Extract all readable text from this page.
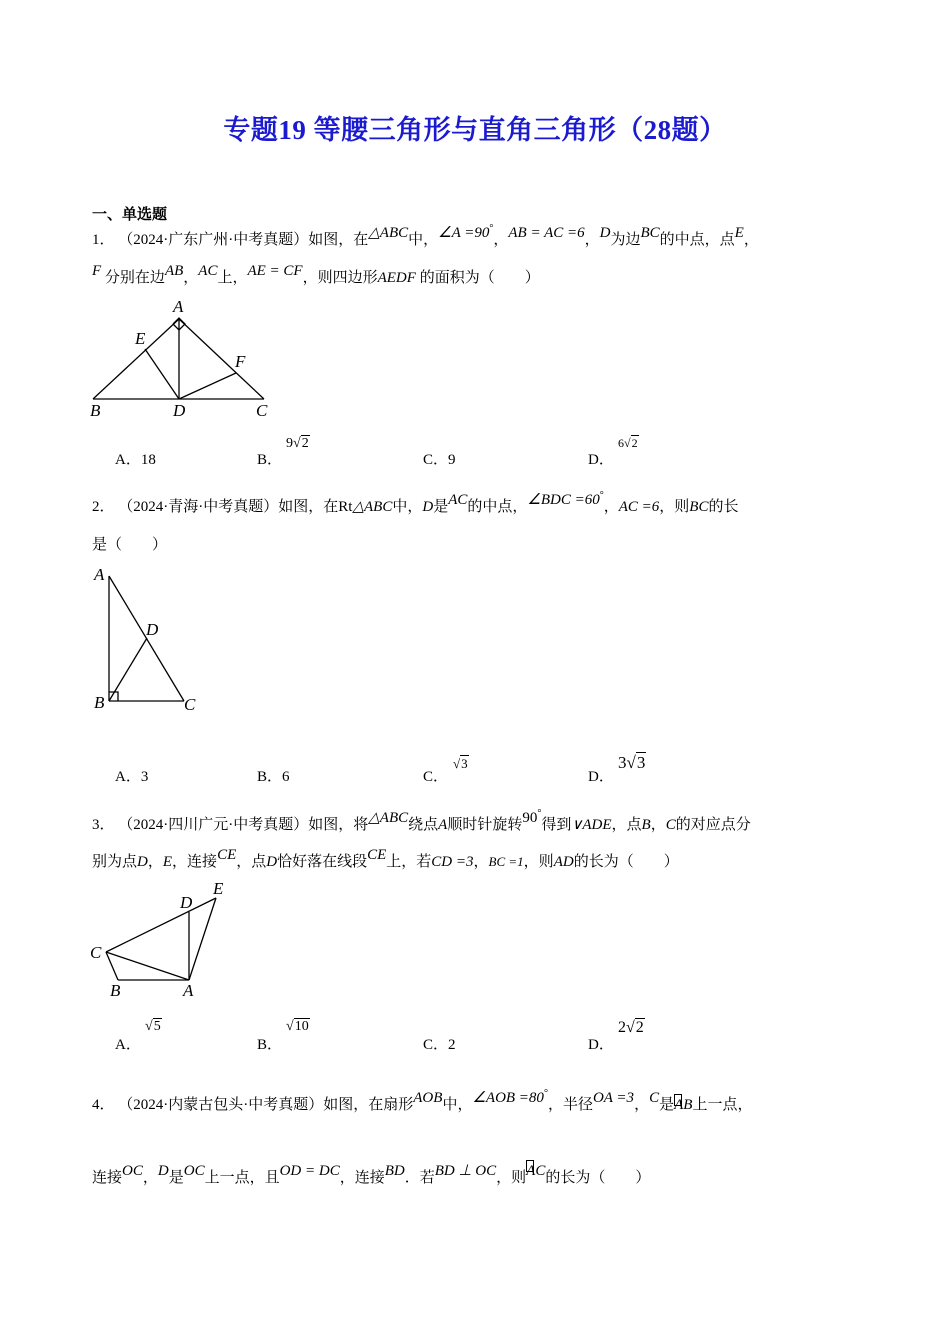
专题19 等腰三角形与直角三角形（28题）
一、单选题
1． （2024·广东广州·中考真题）如图，在△ABC中，∠A =90°，AB = AC =6，D为边BC的中点，点E，
F 分别在边AB，AC上，AE = CF，则四边形AEDF 的面积为（　　）
A
E
F
B	D	C
A．18	B．
9√2
C．9	D．
6√2
2． （2024·青海·中考真题）如图，在Rt△ABC中，D是AC的中点，∠BDC =60°，AC =6，则BC的长
是（　　）
A
D
B	C
A．3	B．6	C．
√3
D．
3√3
3． （2024·四川广元·中考真题）如图，将△ABC绕点A顺时针旋转90°得到∨ADE，点B，C的对应点分
别为点D，E，连接CE，点D恰好落在线段CE上，若CD =3，BC =1，则AD的长为（　　）
E
D
C
B	A
A．
√5
B．
√10
C．2	D．
2√2
4． （2024·内蒙古包头·中考真题）如图，在扇形AOB中，∠AOB =80°，半径OA =3，C是AB上一点，
连接OC，D是OC上一点，且OD = DC，连接BD．若BD ⊥ OC，则AC的长为（　　）
